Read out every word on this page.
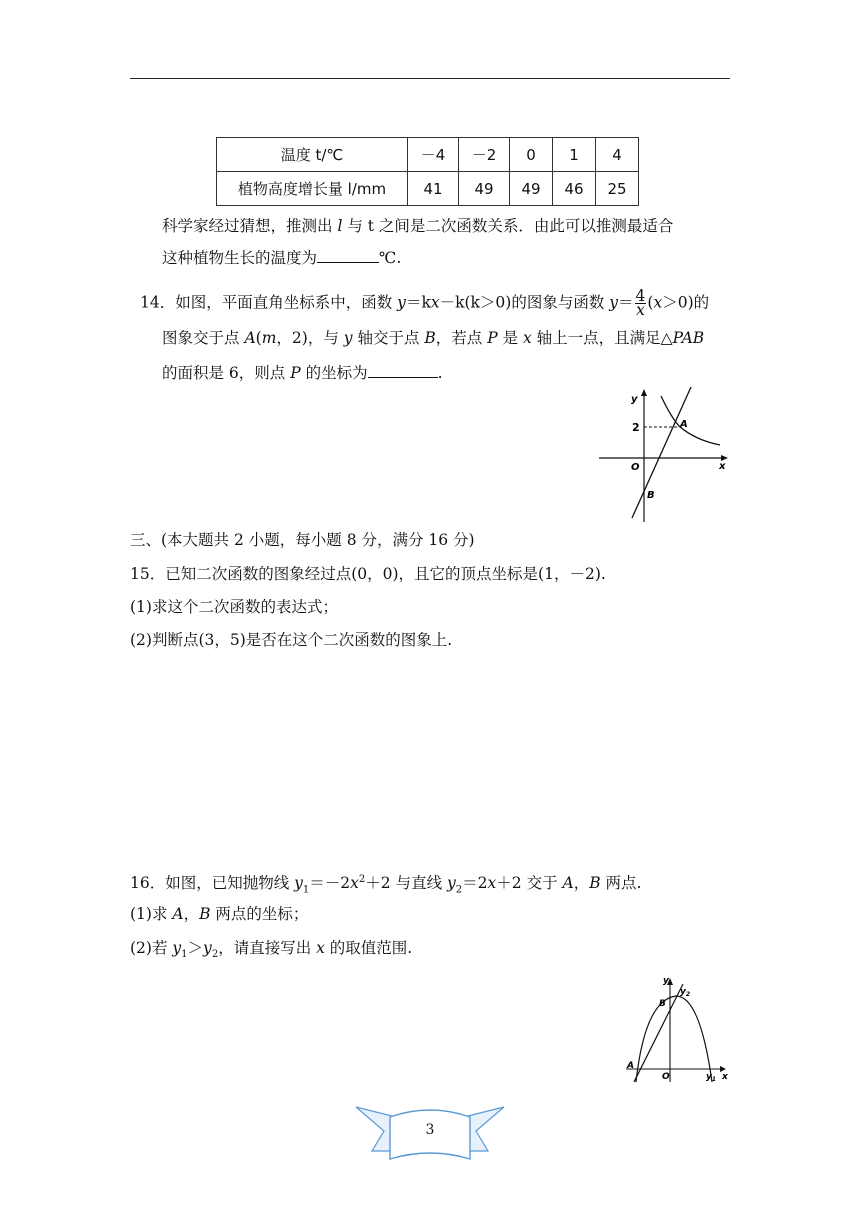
温度 t/℃	－4	－2	0	1	4
植物高度增长量 l/mm	41	49	49	46	25
科学家经过猜想，推测出 l 与 t 之间是二次函数关系．由此可以推测最适合
这种植物生长的温度为	℃.
14．如图，平面直角坐标系中，函数 y＝kx－k(k＞0)的图象与函数 $y= \frac{4}{x} (x>0)$的
图象交于点 A(m，2)，与 y 轴交于点 B，若点 P 是 x 轴上一点，且满足△PAB
的面积是 6，则点 P 的坐标为	.
y
x
O
2	A
B
三、(本大题共 2 小题，每小题 8 分，满分 16 分)
15．已知二次函数的图象经过点(0，0)，且它的顶点坐标是(1，－2).
(1)求这个二次函数的表达式；
(2)判断点(3，5)是否在这个二次函数的图象上.
16．如图，已知抛物线 $y_1=-2x^2+2$ 与直线 $y_2=2x+2$ 交于 A，B 两点.
(1)求 A，B 两点的坐标；
(2)若 $y_1>y_2$，请直接写出 x 的取值范围.
y
x
O
A
B
$y_2$
$y_1$
3
